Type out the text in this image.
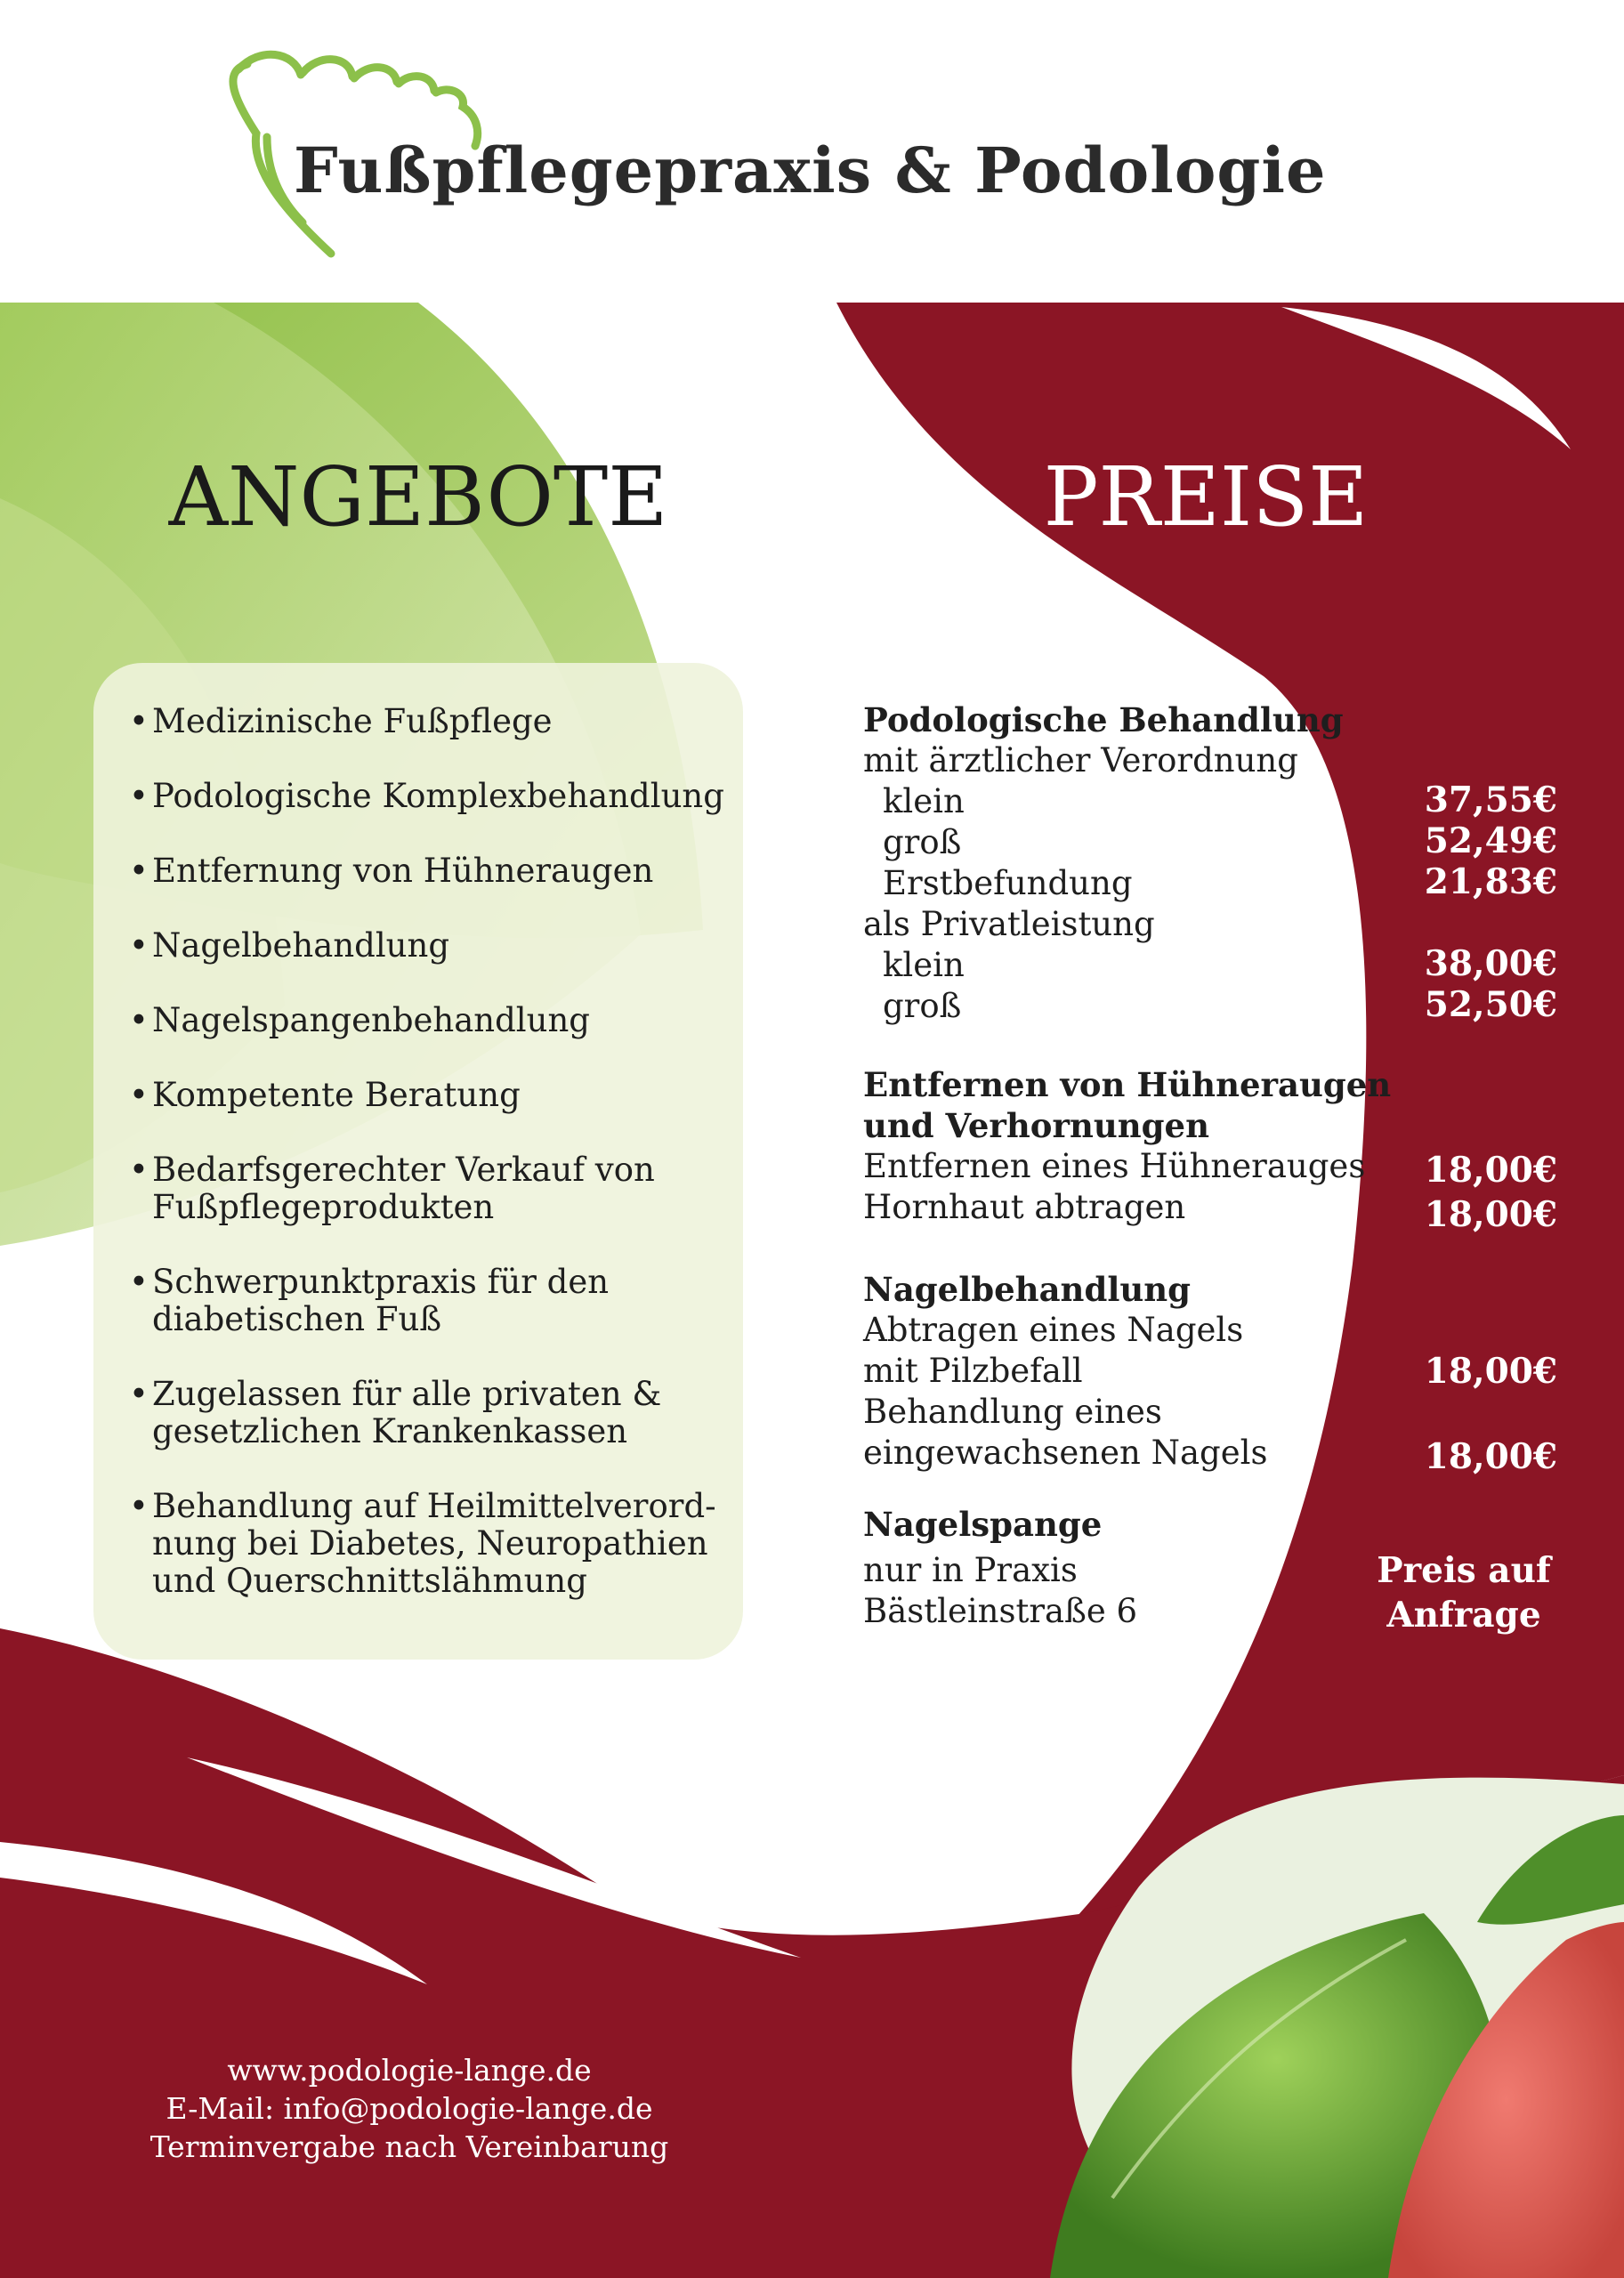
Fußpflegepraxis & Podologie
ANGEBOTE	PREISE
• Medizinische Fußpflege
• Podologische Komplexbehandlung
• Entfernung von Hühneraugen
• Nagelbehandlung
• Nagelspangenbehandlung
• Kompetente Beratung
• Bedarfsgerechter Verkauf von
Fußpflegeprodukten
• Schwerpunktpraxis für den
diabetischen Fuß
• Zugelassen für alle privaten &
gesetzlichen Krankenkassen
• Behandlung auf Heilmittelverord-
nung bei Diabetes, Neuropathien
und Querschnittslähmung
Podologische Behandlung
mit ärztlicher Verordnung
klein
groß
Erstbefundung
als Privatleistung
klein
groß
37,55€
52,49€
21,83€
38,00€
52,50€
Entfernen von Hühneraugen
und Verhornungen
Entfernen eines Hühnerauges
Hornhaut abtragen
18,00€
18,00€
Nagelbehandlung
Abtragen eines Nagels
mit Pilzbefall
Behandlung eines
eingewachsenen Nagels
18,00€
18,00€
Nagelspange
nur in Praxis
Bästleinstraße 6
Preis auf
Anfrage
www.podologie-lange.de
E-Mail: info@podologie-lange.de
Terminvergabe nach Vereinbarung
